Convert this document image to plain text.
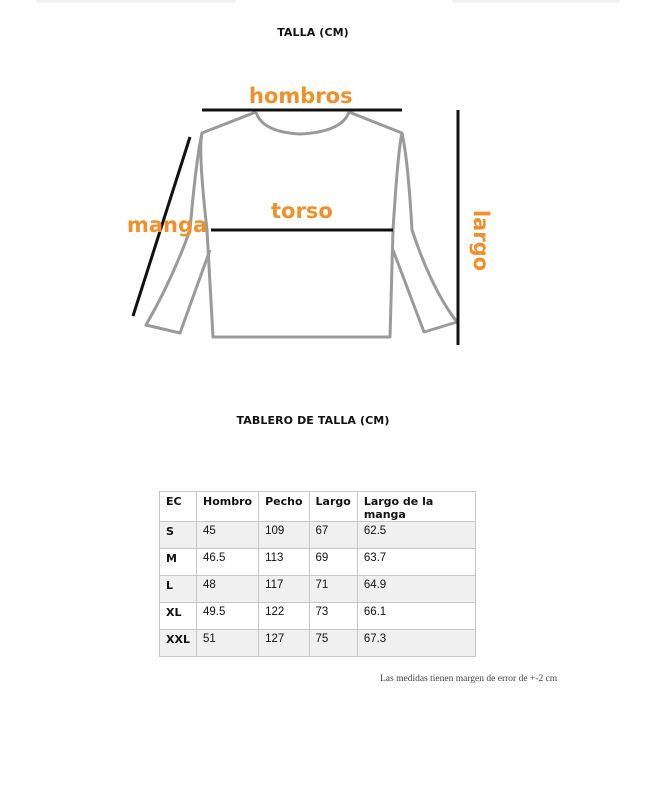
TALLA (CM)
hombros
torso
manga	largo
TABLERO DE TALLA (CM)
EC	Hombro	Pecho	Largo	Largo de la manga
S	45	109	67	62.5
M	46.5	113	69	63.7
L	48	117	71	64.9
XL	49.5	122	73	66.1
XXL	51	127	75	67.3
Las medidas tienen margen de error de +-2 cm
